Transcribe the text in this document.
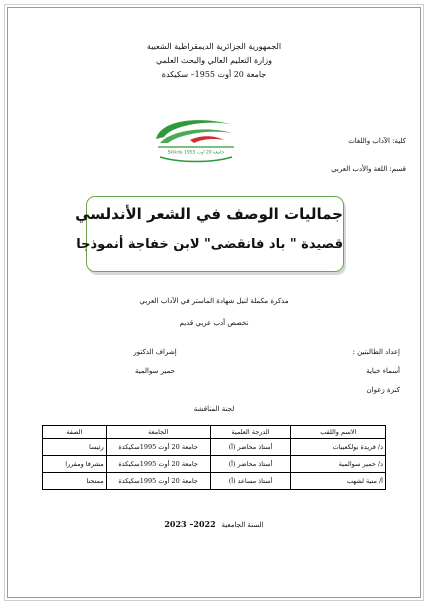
الجمهورية الجزائرية الديمقراطية الشعبية
وزارة التعليم العالي والبحث العلمي
جامعة 20 أوت 1955– سكيكدة
Skikda 1955 جامعة 20 أوت
كلية: الآداب واللغات
قسم: اللغة والأدب العربي
جماليات الوصف في الشعر الأندلسي
قصيدة " باد فانقضى" لابن خفاجة أنموذجا
مذكرة مكملة لنيل شهادة الماستر في الآداب العربي
تخصص أدب عربي قديم
إعداد الطالبتين :
أسماء خباية
كنزة زعوان
إشراف الدكتور
حمير سوالمية
لجنة المناقشة
الاسم واللقب	الدرجة العلمية	الجامعة	الصفة
د/ فريدة بولكعيبات	أستاذ محاضر (أ)	جامعة 20 أوت 1995سكيكدة	رئيسا
د/ حمير سوالمية	أستاذ محاضر (أ)	جامعة 20 أوت 1995سكيكدة	مشرفا ومقررا
أ/ منية لشهب	أستاذ مساعد (أ)	جامعة 20 أوت 1995سكيكدة	ممتحنا
السنة الجامعية 2022– 2023
